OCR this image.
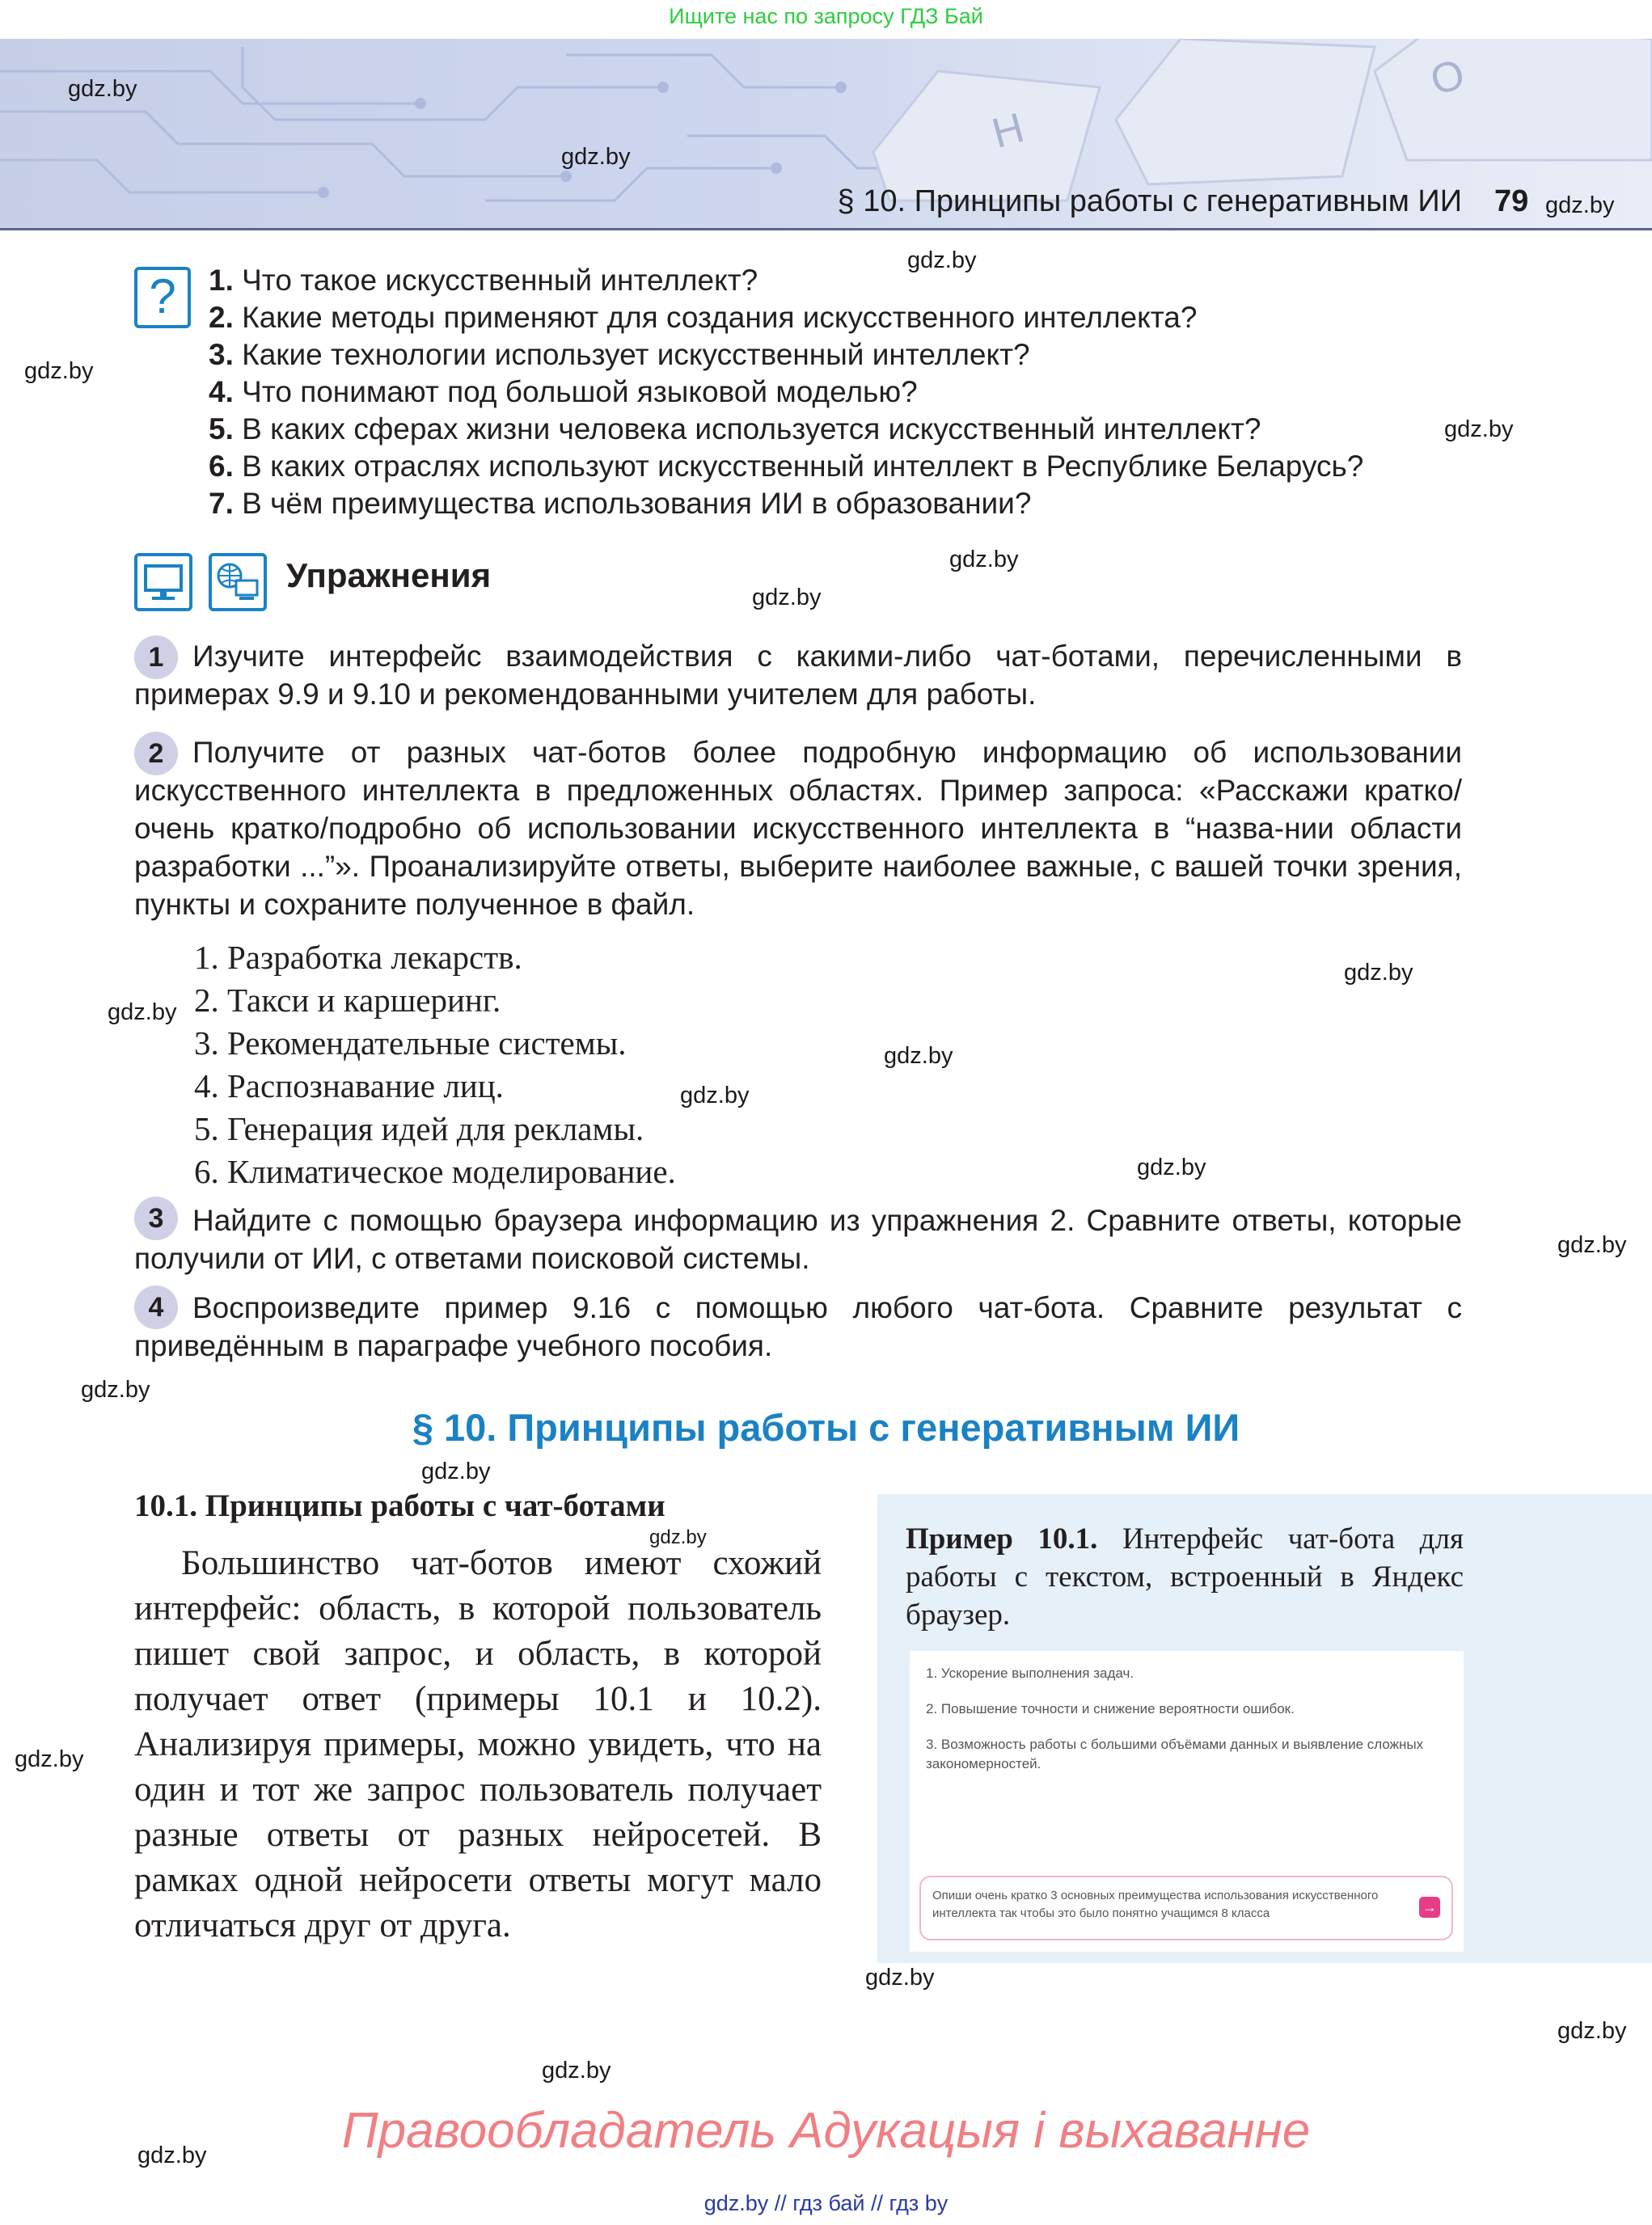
Ищите нас по запросу ГДЗ Бай
H
O
§ 10. Принципы работы с генеративным ИИ 79
gdz.by
gdz.by
gdz.by
gdz.by
gdz.by
gdz.by
gdz.by
gdz.by
gdz.by
gdz.by
gdz.by
gdz.by
gdz.by
gdz.by
gdz.by
gdz.by
gdz.by
gdz.by
gdz.by
gdz.by
gdz.by
gdz.by
?	1. Что такое искусственный интеллект?
2. Какие методы применяют для создания искусственного интеллекта?
3. Какие технологии использует искусственный интеллект?
4. Что понимают под большой языковой моделью?
5. В каких сферах жизни человека используется искусственный интеллект?
6. В каких отраслях используют искусственный интеллект в Республике Беларусь?
7. В чём преимущества использования ИИ в образовании?
Упражнения
1 Изучите интерфейс взаимодействия с какими-либо чат-ботами, перечисленными в примерах 9.9 и 9.10 и рекомендованными учителем для работы.
2 Получите от разных чат-ботов более подробную информацию об использовании искусственного интеллекта в предложенных областях. Пример запроса: «Расскажи кратко/очень кратко/подробно об использовании искусственного интеллекта в “назва-нии области разработки ...”». Проанализируйте ответы, выберите наиболее важные, с вашей точки зрения, пункты и сохраните полученное в файл.
1. Разработка лекарств.
2. Такси и каршеринг.
3. Рекомендательные системы.
4. Распознавание лиц.
5. Генерация идей для рекламы.
6. Климатическое моделирование.
3 Найдите с помощью браузера информацию из упражнения 2. Сравните ответы, которые получили от ИИ, с ответами поисковой системы.
4 Воспроизведите пример 9.16 с помощью любого чат-бота. Сравните результат с приведённым в параграфе учебного пособия.
§ 10. Принципы работы с генеративным ИИ
10.1. Принципы работы с чат-ботами
Большинство чат-ботов имеют схожий интерфейс: область, в которой пользователь пишет свой запрос, и область, в которой получает ответ (примеры 10.1 и 10.2). Анализируя примеры, можно увидеть, что на один и тот же запрос пользователь получает разные ответы от разных нейросетей. В рамках одной нейросети ответы могут мало отличаться друг от друга.
Пример 10.1. Интерфейс чат-бота для работы с текстом, встроенный в Яндекс браузер.
1. Ускорение выполнения задач.
2. Повышение точности и снижение вероятности ошибок.
3. Возможность работы с большими объёмами данных и выявление сложных закономерностей.
Опиши очень кратко 3 основных преимущества использования искусственного интеллекта так чтобы это было понятно учащимся 8 класса	→
Правообладатель Адукацыя і выхаванне
gdz.by // гдз бай // гдз by
